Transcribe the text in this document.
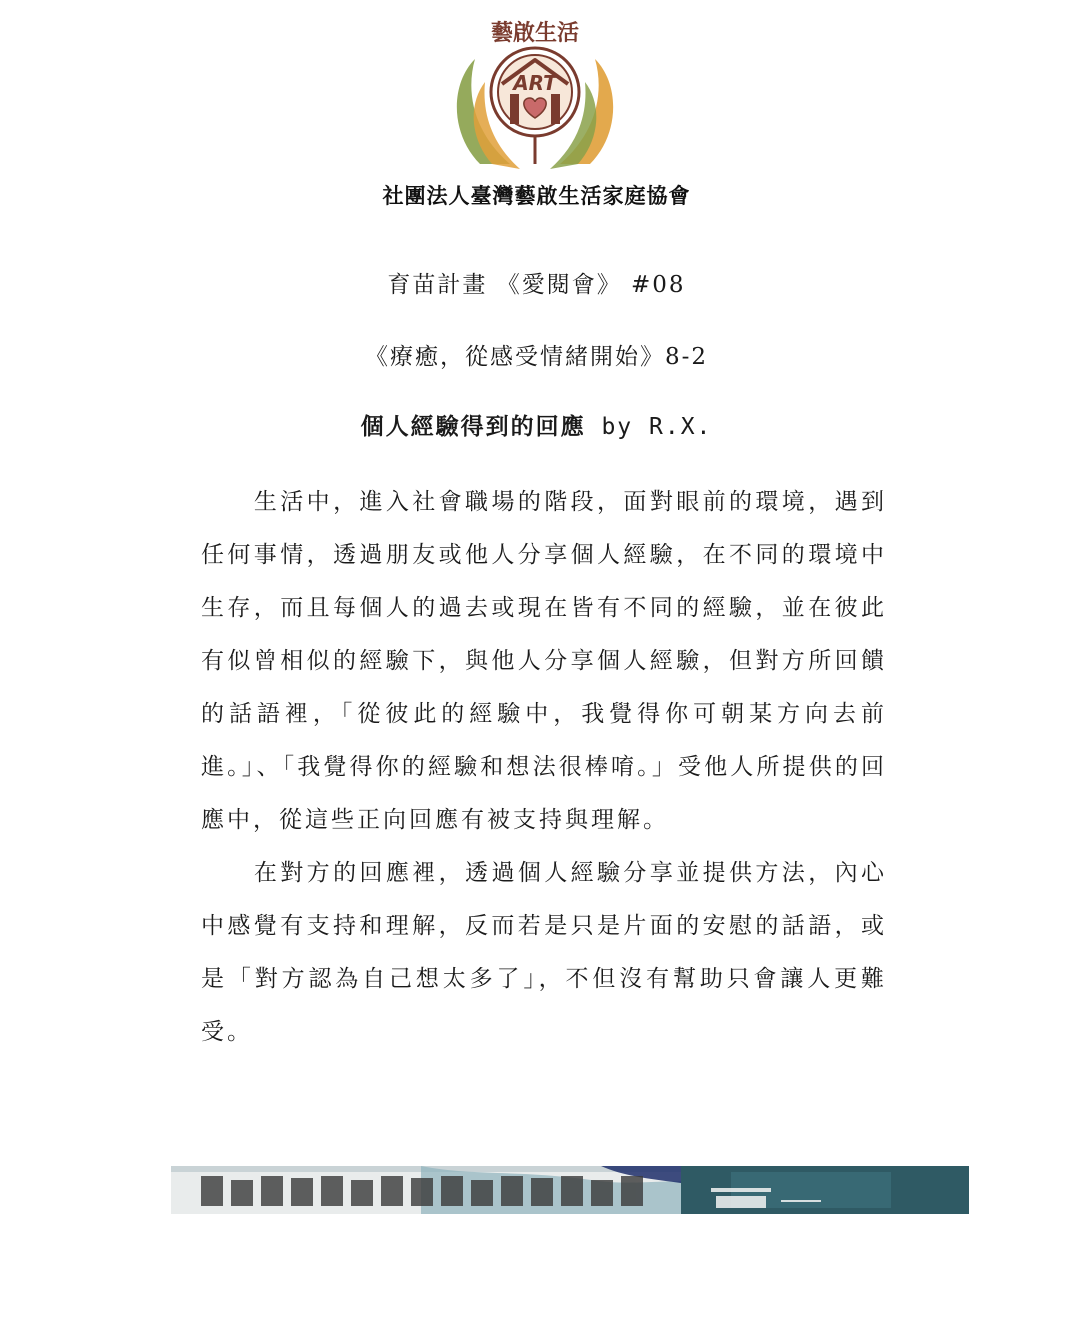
ART
藝啟生活
社團法人臺灣藝啟生活家庭協會
育苗計畫 《愛閱會》 #08
《療癒，從感受情緒開始》8-2
個人經驗得到的回應 by R.X.

生活中，進入社會職場的階段，面對眼前的環境，遇到任何事情，透過朋友或他人分享個人經驗，在不同的環境中生存，而且每個人的過去或現在皆有不同的經驗，並在彼此有似曾相似的經驗下，與他人分享個人經驗，但對方所回饋的話語裡，「從彼此的經驗中，我覺得你可朝某方向去前進。」、「我覺得你的經驗和想法很棒唷。」受他人所提供的回應中，從這些正向回應有被支持與理解。

在對方的回應裡，透過個人經驗分享並提供方法，內心中感覺有支持和理解，反而若是只是片面的安慰的話語，或是「對方認為自己想太多了」，不但沒有幫助只會讓人更難受。
